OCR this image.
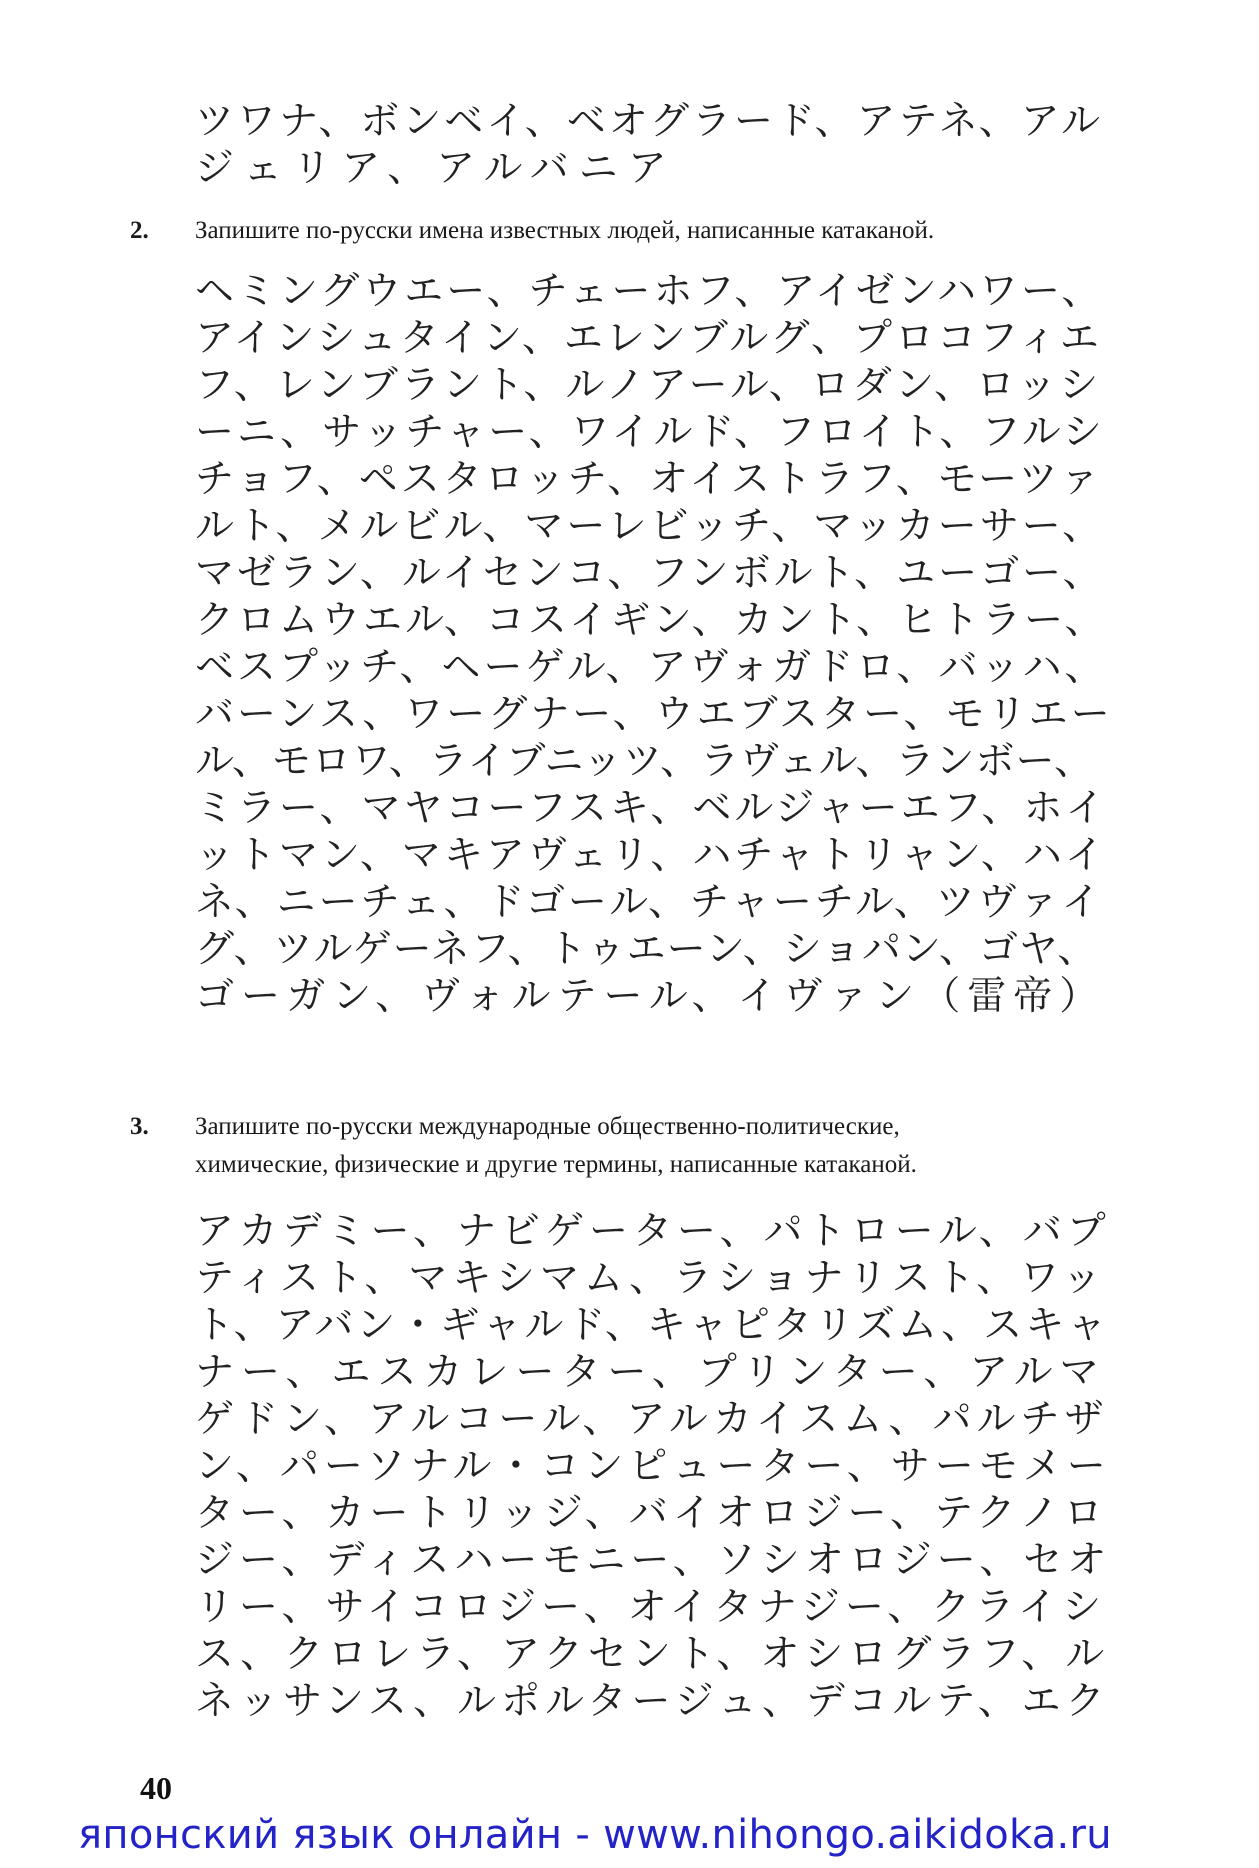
ツワナ、ボンベイ、ベオグラード、アテネ、アル
ジェリア、アルバニア
2. Запишите по-русски имена известных людей, написанные катаканой.
ヘミングウエー、チェーホフ、アイゼンハワー、
アインシュタイン、エレンブルグ、プロコフィエ
フ、レンブラント、ルノアール、ロダン、ロッシ
ーニ、サッチャー、ワイルド、フロイト、フルシ
チョフ、ペスタロッチ、オイストラフ、モーツァ
ルト、メルビル、マーレビッチ、マッカーサー、
マゼラン、ルイセンコ、フンボルト、ユーゴー、
クロムウエル、コスイギン、カント、ヒトラー、
ベスプッチ、ヘーゲル、アヴォガドロ、バッハ、
バーンス、ワーグナー、ウエブスター、モリエー
ル、モロワ、ライブニッツ、ラヴェル、ランボー、
ミラー、マヤコーフスキ、ベルジャーエフ、ホイ
ットマン、マキアヴェリ、ハチャトリャン、ハイ
ネ、ニーチェ、ドゴール、チャーチル、ツヴァイ
グ、ツルゲーネフ、トゥエーン、ショパン、ゴヤ、
ゴーガン、ヴォルテール、イヴァン（雷帝）
3. Запишите по-русски международные общественно-политические,
химические, физические и другие термины, написанные катаканой.
アカデミー、ナビゲーター、パトロール、バプ
ティスト、マキシマム、ラショナリスト、ワッ
ト、アバン・ギャルド、キャピタリズム、スキャ
ナー、エスカレーター、プリンター、アルマ
ゲドン、アルコール、アルカイスム、パルチザ
ン、パーソナル・コンピューター、サーモメー
ター、カートリッジ、バイオロジー、テクノロ
ジー、ディスハーモニー、ソシオロジー、セオ
リー、サイコロジー、オイタナジー、クライシ
ス、クロレラ、アクセント、オシログラフ、ル
ネッサンス、ルポルタージュ、デコルテ、エク
40
японский язык онлайн - www.nihongo.aikidoka.ru
